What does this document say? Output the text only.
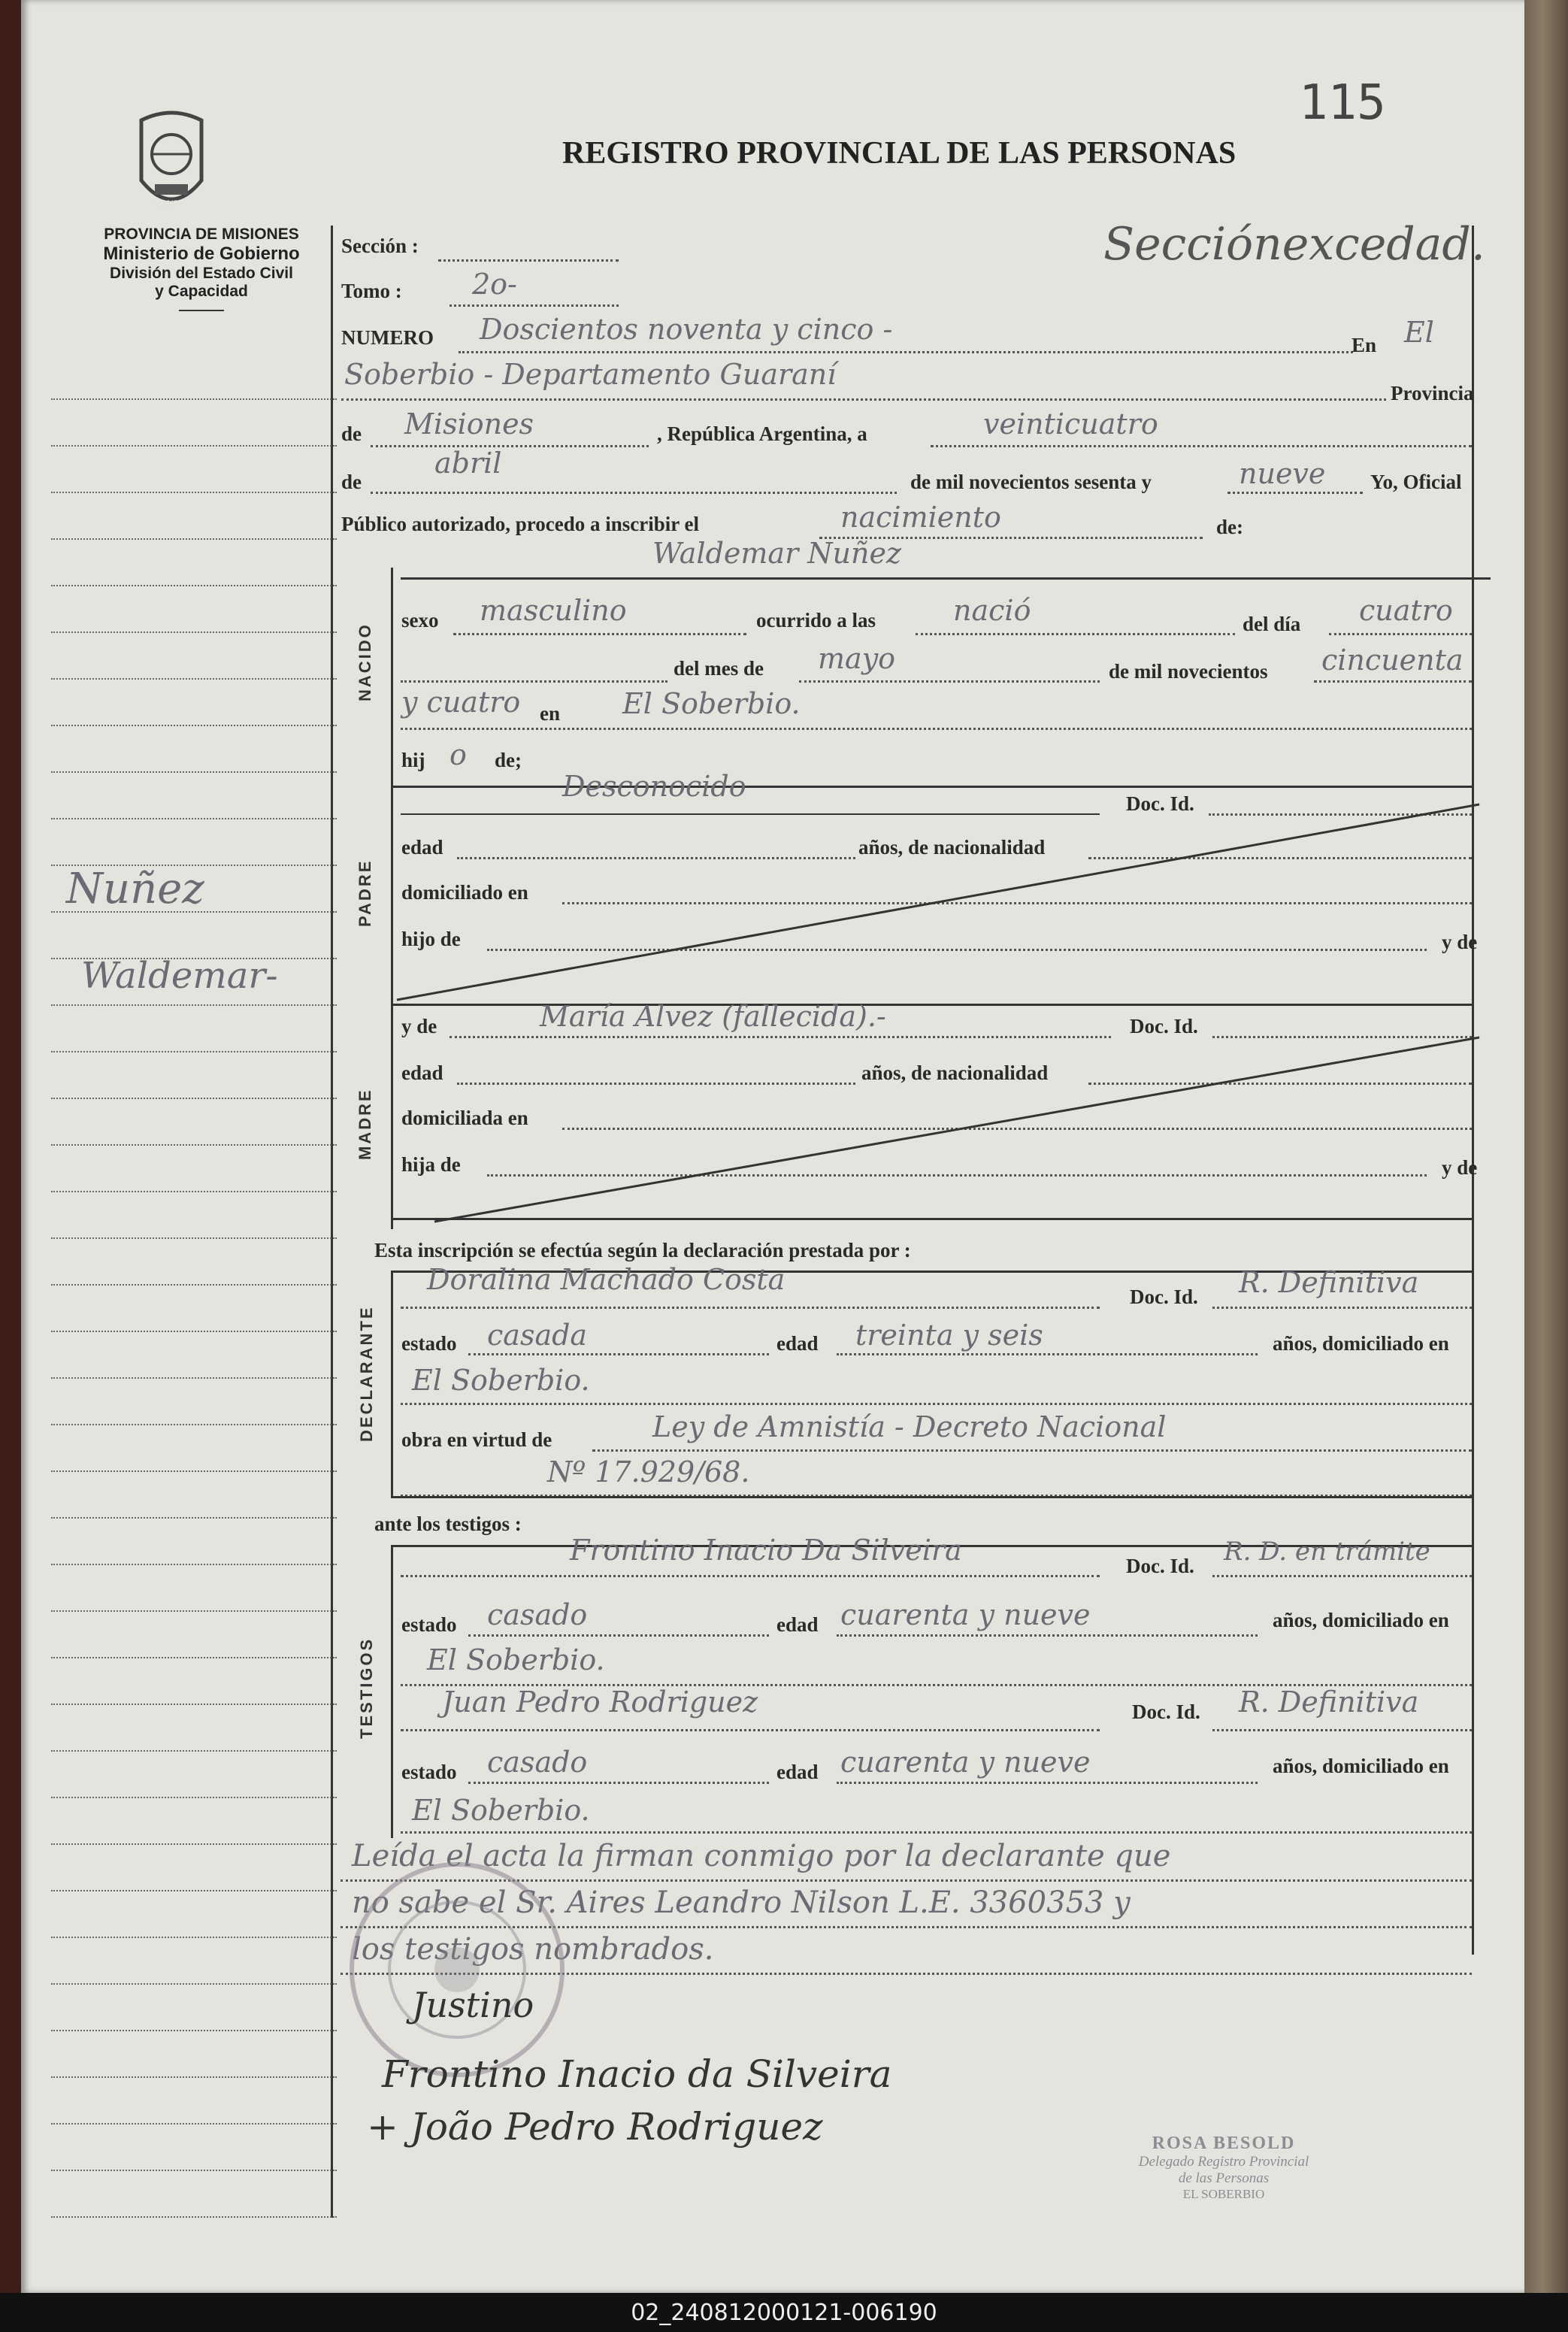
115
REGISTRO PROVINCIAL DE LAS PERSONAS
MISIONES
PROVINCIA DE MISIONES
Ministerio de Gobierno
División del Estado Civil
y Capacidad
Nuñez
Waldemar-
Secciónexcedad.
Sección :
Tomo : 2o-
NUMERO Doscientos noventa y cinco -	En El
Soberbio - Departamento Guaraní
Provincia
de Misiones	, República Argentina, a	veinticuatro
de
abril
de mil novecientos sesenta y	nueve Yo, Oficial
Público autorizado, procedo a inscribir el	nacimiento	de:
NACIDO
Waldemar Nuñez
sexo masculino	ocurrido a las	nació	del día cuatro
del mes de mayo	de mil novecientos cincuenta
y cuatro en El Soberbio.
hij o de;
PADRE
Desconocido
Doc. Id.
edad	años, de nacionalidad
domiciliado en
hijo de	y de
MADRE
y de	María Alvez (fallecida).-	Doc. Id.
edad	años, de nacionalidad
domiciliada en
hija de	y de
Esta inscripción se efectúa según la declaración prestada por :
DECLARANTE
Doralina Machado Costa
Doc. Id. R. Definitiva
estado casada	edad treinta y seis	años, domiciliado en
El Soberbio.
obra en virtud de	Ley de Amnistía - Decreto Nacional
Nº 17.929/68.
ante los testigos :
TESTIGOS
Frontino Inacio Da Silveira	Doc. Id. R. D. en trámite
estado casado	edad cuarenta y nueve	años, domiciliado en
El Soberbio.
Juan Pedro Rodriguez	Doc. Id. R. Definitiva
estado casado	edad cuarenta y nueve	años, domiciliado en
El Soberbio.
Leída el acta la firman conmigo por la declarante que
no sabe el Sr. Aires Leandro Nilson L.E. 3360353 y
los testigos nombrados.
Justino
Frontino Inacio da Silveira
+ João Pedro Rodriguez	ROSA BESOLD
Delegado Registro Provincial
de las Personas
EL SOBERBIO
02_240812000121-006190
